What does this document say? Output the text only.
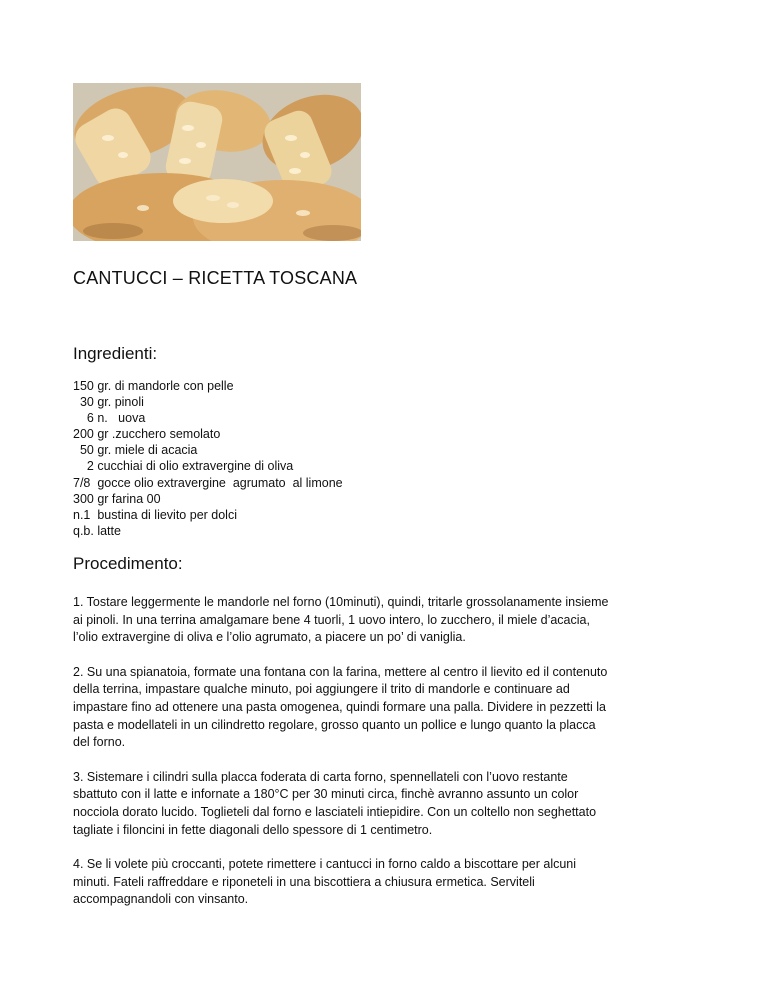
CANTUCCI – RICETTA TOSCANA
Ingredienti:
150 gr. di mandorle con pelle
30 gr. pinoli
6 n.   uova
200 gr .zucchero semolato
50 gr. miele di acacia
2 cucchiai di olio extravergine di oliva
7/8  gocce olio extravergine  agrumato  al limone
300 gr farina 00
n.1  bustina di lievito per dolci
q.b. latte
Procedimento:

1. Tostare leggermente le mandorle nel forno (10minuti), quindi, tritarle grossolanamente insieme ai pinoli. In una terrina amalgamare bene 4 tuorli, 1 uovo intero, lo zucchero, il miele d’acacia, l’olio extravergine di oliva e l’olio agrumato, a piacere un po’ di vaniglia.

2. Su una spianatoia, formate una fontana con la farina, mettere al centro il lievito ed il contenuto della terrina, impastare qualche minuto, poi aggiungere il trito di mandorle e continuare ad impastare fino ad ottenere una pasta omogenea, quindi formare una palla. Dividere in pezzetti la pasta e modellateli in un cilindretto regolare, grosso quanto un pollice e lungo quanto la placca del forno.

3. Sistemare i cilindri sulla placca foderata di carta forno, spennellateli con l’uovo restante sbattuto con il latte e infornate a 180°C per 30 minuti circa, finchè avranno assunto un color nocciola dorato lucido. Toglieteli dal forno e lasciateli intiepidire. Con un coltello non seghettato tagliate i filoncini in fette diagonali dello spessore di 1 centimetro.

4. Se li volete più croccanti, potete rimettere i cantucci in forno caldo a biscottare per alcuni minuti. Fateli raffreddare e riponeteli in una biscottiera a chiusura ermetica. Serviteli accompagnandoli con vinsanto.
